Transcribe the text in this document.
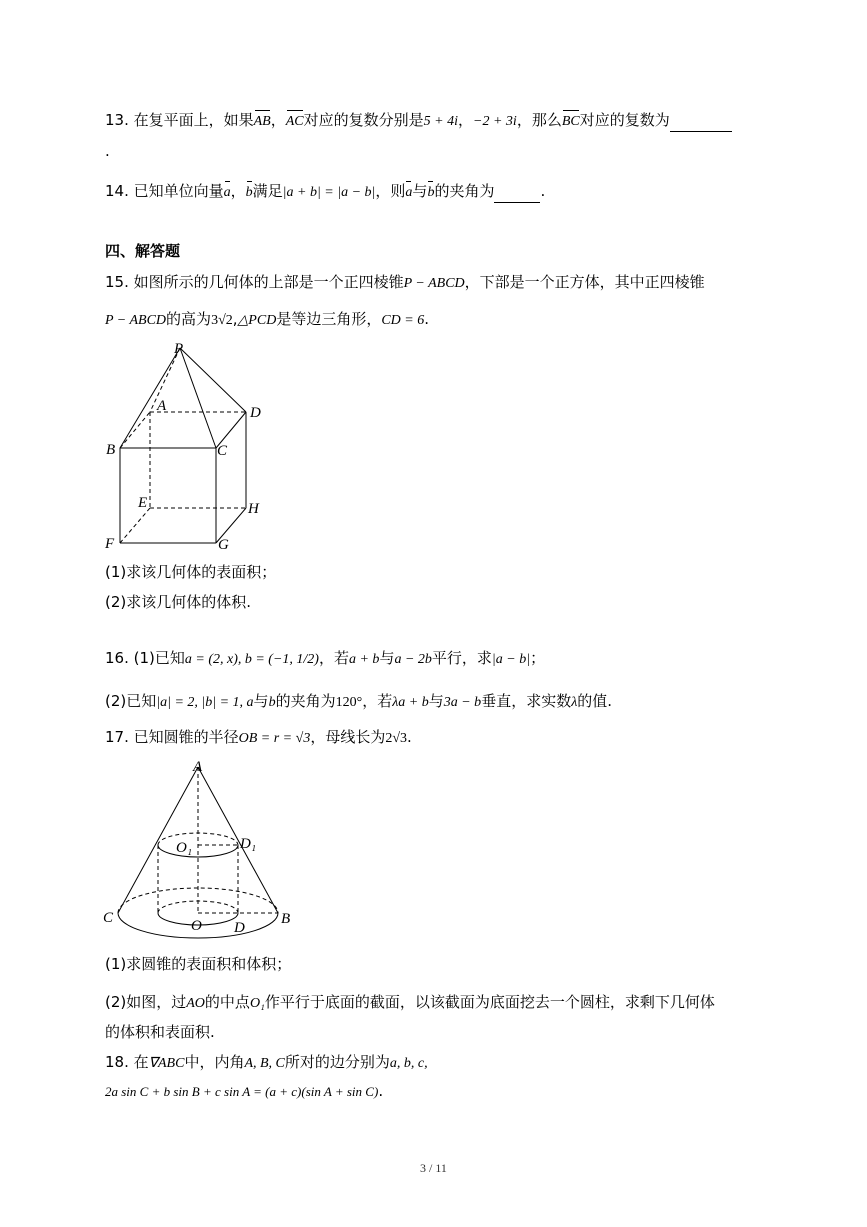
13. 在复平面上，如果AB，AC对应的复数分别是5 + 4i，−2 + 3i，那么BC对应的复数为
.
14. 已知单位向量a，b满足|a + b| = |a − b|，则a与b的夹角为	.
四、解答题
15. 如图所示的几何体的上部是一个正四棱锥P − ABCD，下部是一个正方体，其中正四棱锥
P − ABCD的高为3√2,△PCD是等边三角形，CD = 6.
P
A	D
B	C
E	H
F	G
(1)求该几何体的表面积；
(2)求该几何体的体积.
16. (1)已知a = (2, x), b = (−1, 1/2)，若a + b与a − 2b平行，求|a − b|；
(2)已知|a| = 2, |b| = 1, a与b的夹角为120°，若λa + b与3a − b垂直，求实数λ的值.
17. 已知圆锥的半径OB = r = √3，母线长为2√3.
A
O₁	D₁
C	O D
B
(1)求圆锥的表面积和体积；
(2)如图，过AO的中点O₁作平行于底面的截面，以该截面为底面挖去一个圆柱，求剩下几何体
的体积和表面积.
18. 在∇ABC中，内角A, B, C所对的边分别为a, b, c,
2a sin C + b sin B + c sin A = (a + c)(sin A + sin C).
3 / 11
